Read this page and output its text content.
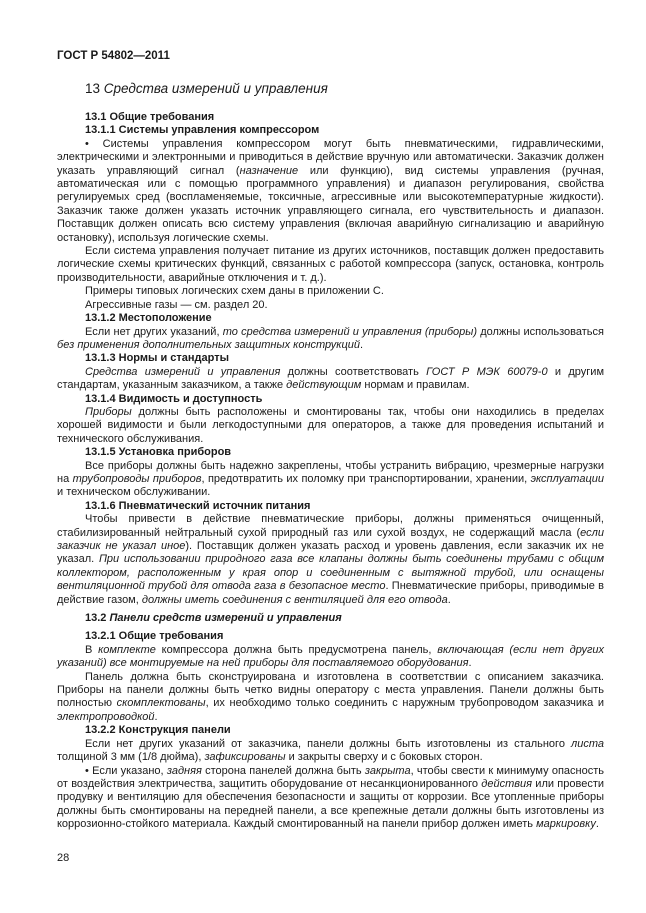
ГОСТ Р 54802—2011
13 Средства измерений и управления
13.1 Общие требования
13.1.1 Системы управления компрессором

• Системы управления компрессором могут быть пневматическими, гидравлическими, электрическими и электронными и приводиться в действие вручную или автоматически. Заказчик должен указать управляющий сигнал (назначение или функцию), вид системы управления (ручная, автоматическая или с помощью программного управления) и диапазон регулирования, свойства регулируемых сред (воспламеняемые, токсичные, агрессивные или высокотемпературные жидкости). Заказчик также должен указать источник управляющего сигнала, его чувствительность и диапазон. Поставщик должен описать всю систему управления (включая аварийную сигнализацию и аварийную остановку), используя логические схемы.

Если система управления получает питание из других источников, поставщик должен предоставить логические схемы критических функций, связанных с работой компрессора (запуск, остановка, контроль производительности, аварийные отключения и т. д.).

Примеры типовых логических схем даны в приложении С.

Агрессивные газы — см. раздел 20.

13.1.2 Местоположение

Если нет других указаний, то средства измерений и управления (приборы) должны использоваться без применения дополнительных защитных конструкций.

13.1.3 Нормы и стандарты

Средства измерений и управления должны соответствовать ГОСТ Р МЭК 60079-0 и другим стандартам, указанным заказчиком, а также действующим нормам и правилам.

13.1.4 Видимость и доступность

Приборы должны быть расположены и смонтированы так, чтобы они находились в пределах хорошей видимости и были легкодоступными для операторов, а также для проведения испытаний и технического обслуживания.

13.1.5 Установка приборов

Все приборы должны быть надежно закреплены, чтобы устранить вибрацию, чрезмерные нагрузки на трубопроводы приборов, предотвратить их поломку при транспортировании, хранении, эксплуатации и техническом обслуживании.

13.1.6 Пневматический источник питания

Чтобы привести в действие пневматические приборы, должны применяться очищенный, стабилизированный нейтральный сухой природный газ или сухой воздух, не содержащий масла (если заказчик не указал иное). Поставщик должен указать расход и уровень давления, если заказчик их не указал. При использовании природного газа все клапаны должны быть соединены трубами с общим коллектором, расположенным у края опор и соединенным с вытяжной трубой, или оснащены вентиляционной трубой для отвода газа в безопасное место. Пневматические приборы, приводимые в действие газом, должны иметь соединения с вентиляцией для его отвода.

13.2 Панели средств измерений и управления
13.2.1 Общие требования

В комплекте компрессора должна быть предусмотрена панель, включающая (если нет других указаний) все монтируемые на ней приборы для поставляемого оборудования.

Панель должна быть сконструирована и изготовлена в соответствии с описанием заказчика. Приборы на панели должны быть четко видны оператору с места управления. Панели должны быть полностью скомплектованы, их необходимо только соединить с наружным трубопроводом заказчика и электропроводкой.

13.2.2 Конструкция панели

Если нет других указаний от заказчика, панели должны быть изготовлены из стального листа толщиной 3 мм (1/8 дюйма), зафиксированы и закрыты сверху и с боковых сторон.

• Если указано, задняя сторона панелей должна быть закрыта, чтобы свести к минимуму опасность от воздействия электричества, защитить оборудование от несанкционированного действия или провести продувку и вентиляцию для обеспечения безопасности и защиты от коррозии. Все утопленные приборы должны быть смонтированы на передней панели, а все крепежные детали должны быть изготовлены из коррозионно-стойкого материала. Каждый смонтированный на панели прибор должен иметь маркировку.

28
